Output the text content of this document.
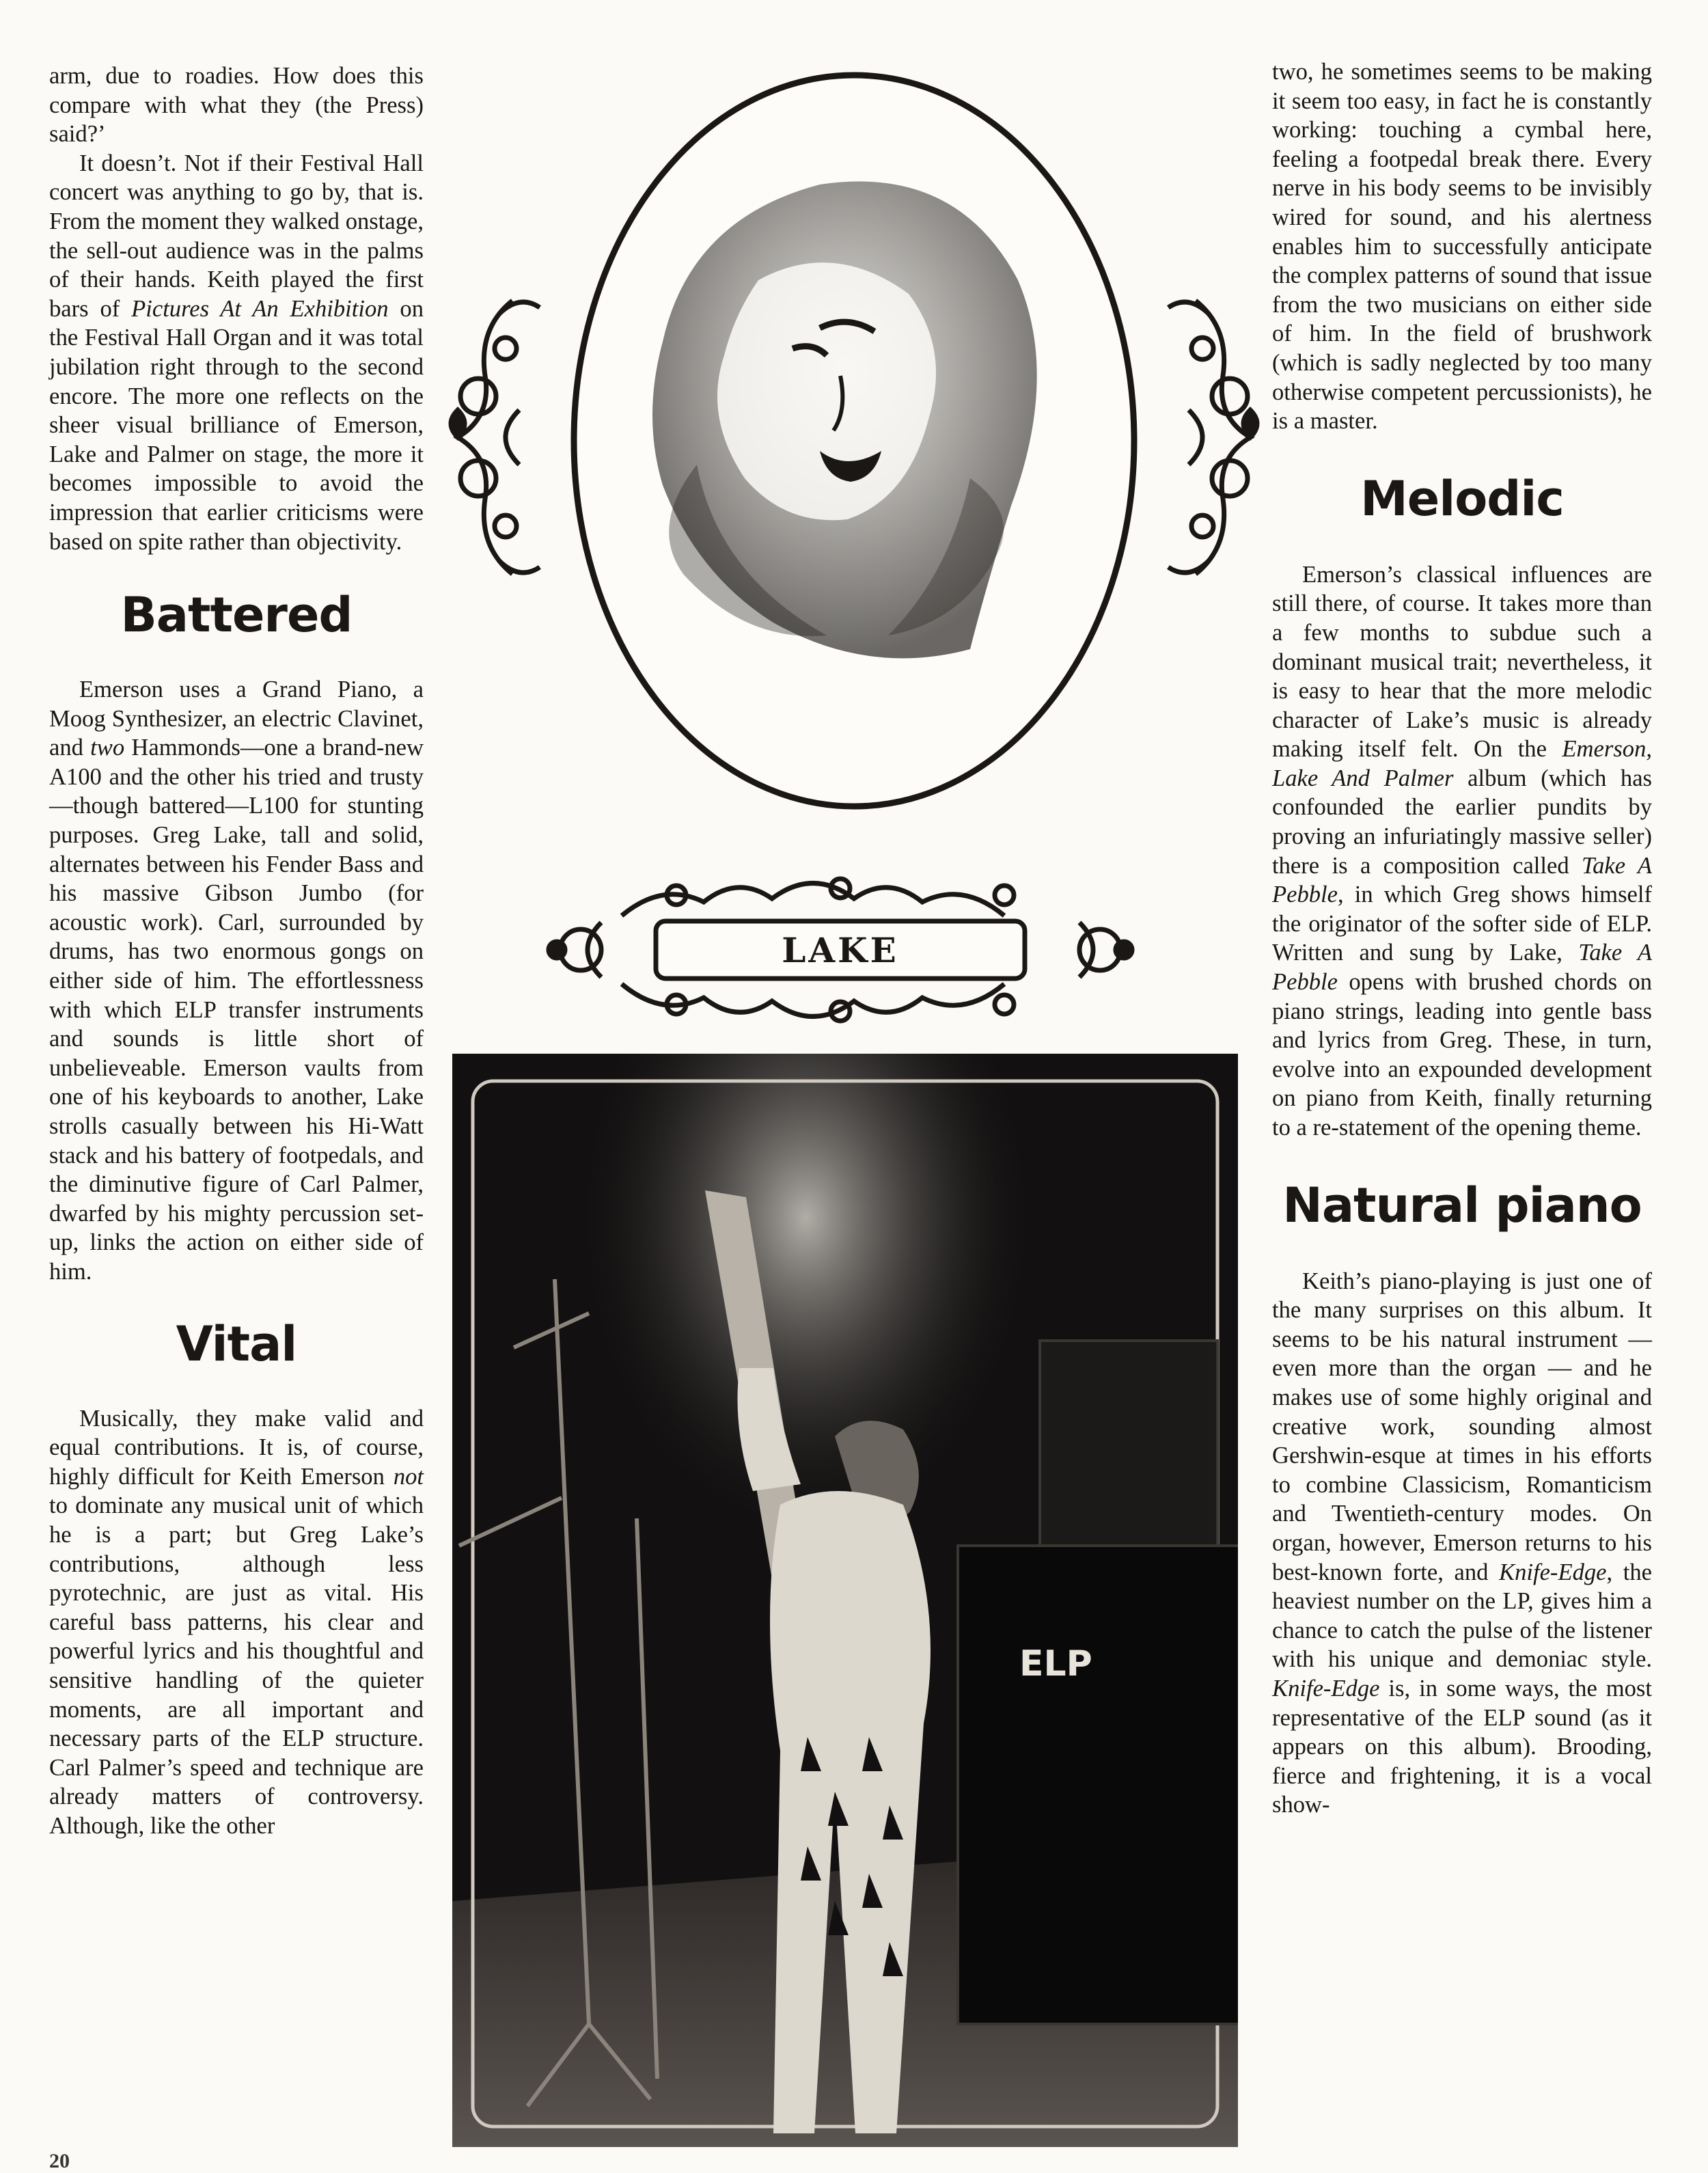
arm, due to roadies. How does this compare with what they (the Press) said?’

It doesn’t. Not if their Festival Hall concert was anything to go by, that is. From the moment they walked onstage, the sell-out audience was in the palms of their hands. Keith played the first bars of Pictures At An Exhibition on the Festival Hall Organ and it was total jubilation right through to the second encore. The more one reflects on the sheer visual brilliance of Emerson, Lake and Palmer on stage, the more it becomes impossible to avoid the impression that earlier criticisms were based on spite rather than objectivity.

Battered

Emerson uses a Grand Piano, a Moog Synthesizer, an electric Clavinet, and two Hammonds—one a brand-new A100 and the other his tried and trusty—though battered—L100 for stunting purposes. Greg Lake, tall and solid, alternates between his Fender Bass and his massive Gibson Jumbo (for acoustic work). Carl, surrounded by drums, has two enormous gongs on either side of him. The effortlessness with which ELP transfer instruments and sounds is little short of unbelieveable. Emerson vaults from one of his keyboards to another, Lake strolls casually between his Hi-Watt stack and his battery of footpedals, and the diminutive figure of Carl Palmer, dwarfed by his mighty percussion set-up, links the action on either side of him.

Vital

Musically, they make valid and equal contributions. It is, of course, highly difficult for Keith Emerson not to dominate any musical unit of which he is a part; but Greg Lake’s contributions, although less pyrotechnic, are just as vital. His careful bass patterns, his clear and powerful lyrics and his thoughtful and sensitive handling of the quieter moments, are all important and necessary parts of the ELP structure. Carl Palmer’s speed and technique are already matters of controversy. Although, like the other

two, he sometimes seems to be making it seem too easy, in fact he is constantly working: touching a cymbal here, feeling a footpedal break there. Every nerve in his body seems to be invisibly wired for sound, and his alertness enables him to successfully anticipate the complex patterns of sound that issue from the two musicians on either side of him. In the field of brushwork (which is sadly neglected by too many otherwise competent percussionists), he is a master.

Melodic

Emerson’s classical influences are still there, of course. It takes more than a few months to subdue such a dominant musical trait; nevertheless, it is easy to hear that the more melodic character of Lake’s music is already making itself felt. On the Emerson, Lake And Palmer album (which has confounded the earlier pundits by proving an infuriatingly massive seller) there is a composition called Take A Pebble, in which Greg shows himself the originator of the softer side of ELP. Written and sung by Lake, Take A Pebble opens with brushed chords on piano strings, leading into gentle bass and lyrics from Greg. These, in turn, evolve into an expounded development on piano from Keith, finally returning to a re-statement of the opening theme.

Natural piano

Keith’s piano-playing is just one of the many surprises on this album. It seems to be his natural instrument — even more than the organ — and he makes use of some highly original and creative work, sounding almost Gershwin-esque at times in his efforts to combine Classicism, Romanticism and Twentieth-century modes. On organ, however, Emerson returns to his best-known forte, and Knife-Edge, the heaviest number on the LP, gives him a chance to catch the pulse of the listener with his unique and demoniac style. Knife-Edge is, in some ways, the most representative of the ELP sound (as it appears on this album). Brooding, fierce and frightening, it is a vocal show-

LAKE
ELP
20
